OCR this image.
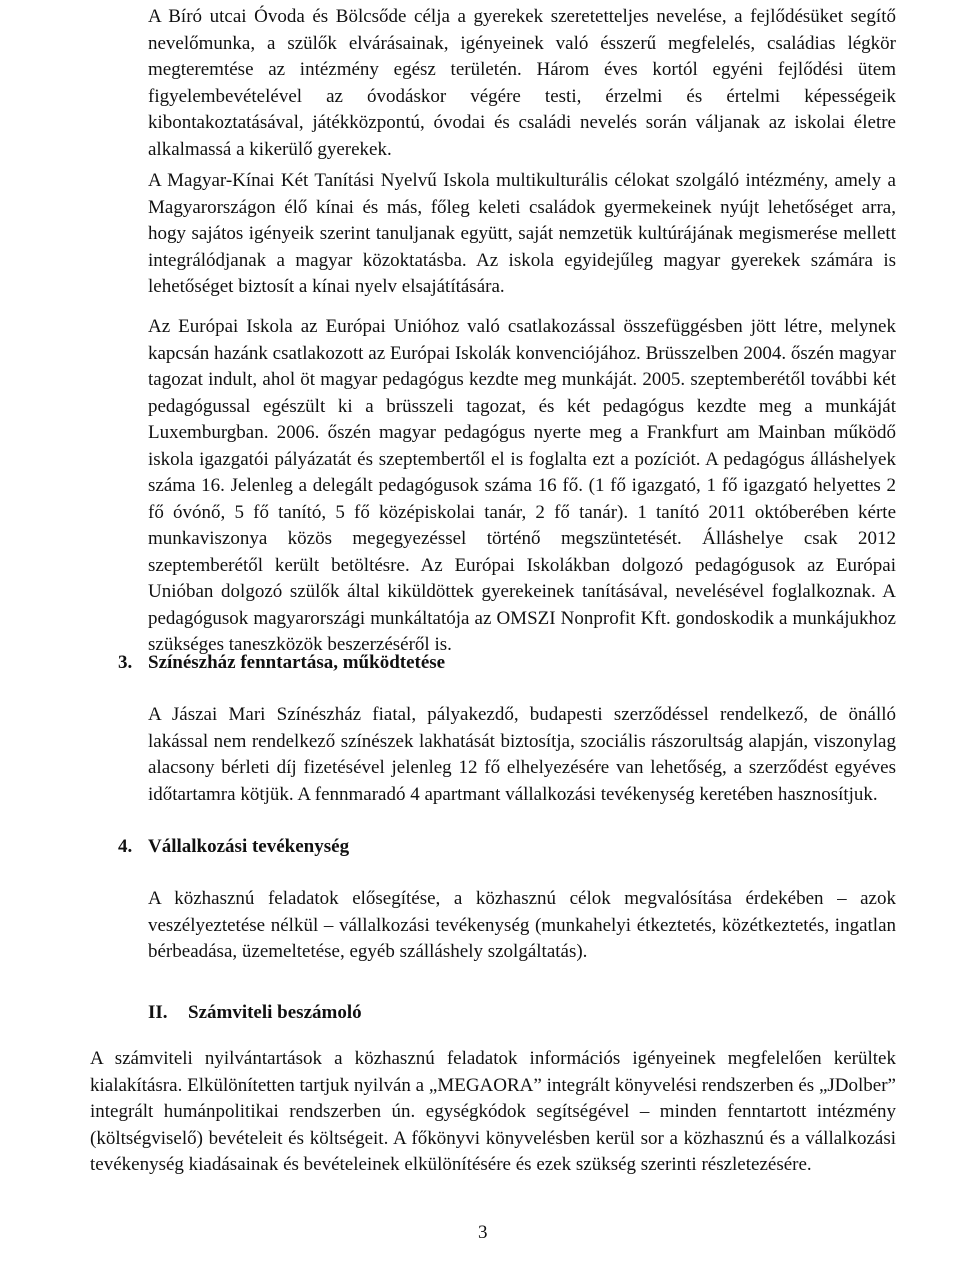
A Bíró utcai Óvoda és Bölcsőde célja a gyerekek szeretetteljes nevelése, a fejlődésüket segítő nevelőmunka, a szülők elvárásainak, igényeinek való ésszerű megfelelés, családias légkör megteremtése az intézmény egész területén. Három éves kortól egyéni fejlődési ütem figyelembevételével az óvodáskor végére testi, érzelmi és értelmi képességeik kibontakoztatásával, játékközpontú, óvodai és családi nevelés során váljanak az iskolai életre alkalmassá a kikerülő gyerekek.

A Magyar-Kínai Két Tanítási Nyelvű Iskola multikulturális célokat szolgáló intézmény, amely a Magyarországon élő kínai és más, főleg keleti családok gyermekeinek nyújt lehetőséget arra, hogy sajátos igényeik szerint tanuljanak együtt, saját nemzetük kultúrájának megismerése mellett integrálódjanak a magyar közoktatásba. Az iskola egyidejűleg magyar gyerekek számára is lehetőséget biztosít a kínai nyelv elsajátítására.

Az Európai Iskola az Európai Unióhoz való csatlakozással összefüggésben jött létre, melynek kapcsán hazánk csatlakozott az Európai Iskolák konvenciójához. Brüsszelben 2004. őszén magyar tagozat indult, ahol öt magyar pedagógus kezdte meg munkáját. 2005. szeptemberétől további két pedagógussal egészült ki a brüsszeli tagozat, és két pedagógus kezdte meg a munkáját Luxemburgban. 2006. őszén magyar pedagógus nyerte meg a Frankfurt am Mainban működő iskola igazgatói pályázatát és szeptembertől el is foglalta ezt a pozíciót. A pedagógus álláshelyek száma 16. Jelenleg a delegált pedagógusok száma 16 fő. (1 fő igazgató, 1 fő igazgató helyettes 2 fő óvónő, 5 fő tanító, 5 fő középiskolai tanár, 2 fő tanár). 1 tanító 2011 októberében kérte munkaviszonya közös megegyezéssel történő megszüntetését. Álláshelye csak 2012 szeptemberétől került betöltésre. Az Európai Iskolákban dolgozó pedagógusok az Európai Unióban dolgozó szülők által kiküldöttek gyerekeinek tanításával, nevelésével foglalkoznak. A pedagógusok magyarországi munkáltatója az OMSZI Nonprofit Kft. gondoskodik a munkájukhoz szükséges taneszközök beszerzéséről is.

3. Színészház fenntartása, működtetése

A Jászai Mari Színészház fiatal, pályakezdő, budapesti szerződéssel rendelkező, de önálló lakással nem rendelkező színészek lakhatását biztosítja, szociális rászorultság alapján, viszonylag alacsony bérleti díj fizetésével jelenleg 12 fő elhelyezésére van lehetőség, a szerződést egyéves időtartamra kötjük. A fennmaradó 4 apartmant vállalkozási tevékenység keretében hasznosítjuk.

4. Vállalkozási tevékenység

A közhasznú feladatok elősegítése, a közhasznú célok megvalósítása érdekében – azok veszélyeztetése nélkül – vállalkozási tevékenység (munkahelyi étkeztetés, közétkeztetés, ingatlan bérbeadása, üzemeltetése, egyéb szálláshely szolgáltatás).

II. Számviteli beszámoló

A számviteli nyilvántartások a közhasznú feladatok információs igényeinek megfelelően kerültek kialakításra. Elkülönítetten tartjuk nyilván a „MEGAORA” integrált könyvelési rendszerben és „JDolber” integrált humánpolitikai rendszerben ún. egységkódok segítségével – minden fenntartott intézmény (költségviselő) bevételeit és költségeit. A főkönyvi könyvelésben kerül sor a közhasznú és a vállalkozási tevékenység kiadásainak és bevételeinek elkülönítésére és ezek szükség szerinti részletezésére.

3
